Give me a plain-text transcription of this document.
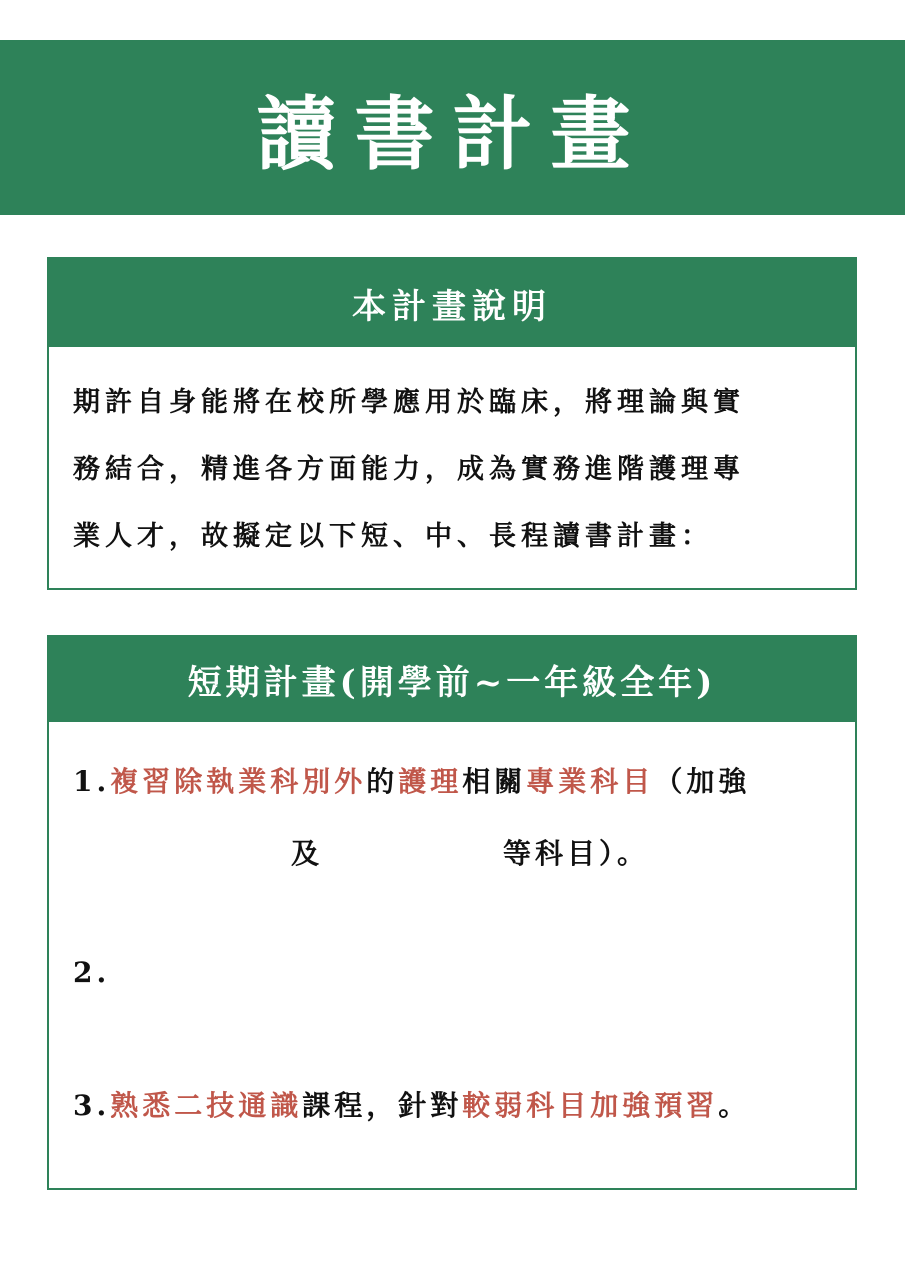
讀書計畫
本計畫說明
期許自身能將在校所學應用於臨床，將理論與實
務結合，精進各方面能力，成為實務進階護理專
業人才，故擬定以下短、中、長程讀書計畫：
短期計畫(開學前~一年級全年)
1.複習除執業科別外的護理相關專業科目（加強
及	等科目）。
2.
3.熟悉二技通識課程，針對較弱科目加強預習。
